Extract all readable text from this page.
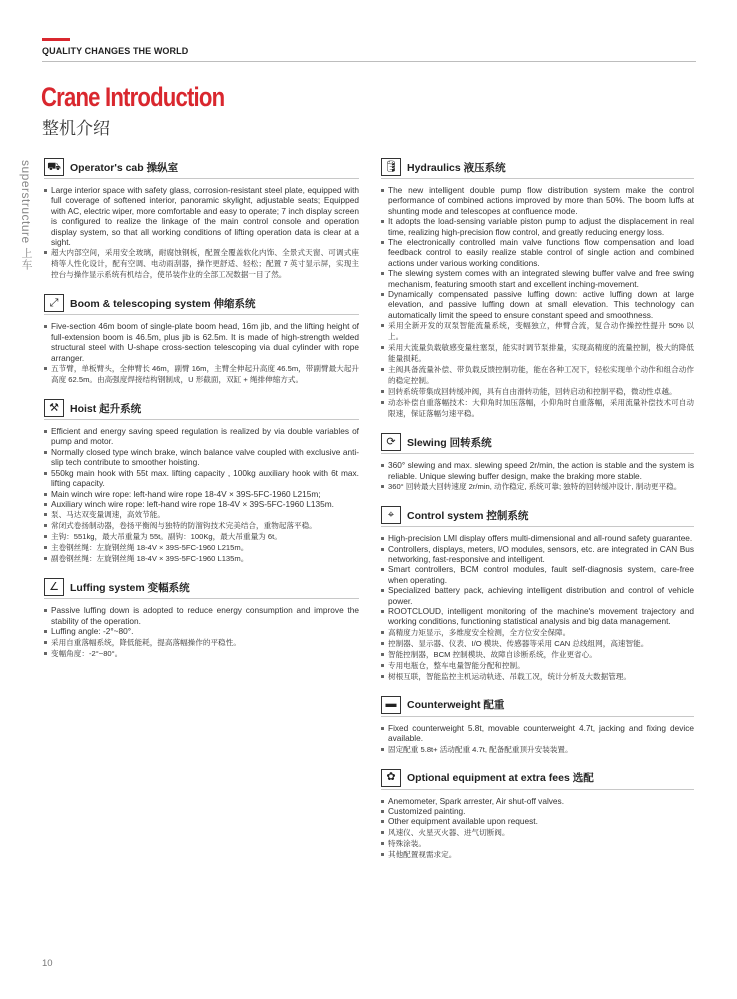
QUALITY CHANGES THE WORLD
Crane Introduction
整机介绍
superstructure 上车
⛟ Operator's cab 操纵室
Large interior space with safety glass, corrosion-resistant steel plate, equipped with full coverage of softened interior, panoramic skylight, adjustable seats; Equipped with AC, electric wiper, more comfortable and easy to operate; 7 inch display screen is configured to realize the linkage of the main control console and operation display system, so that all working conditions of lifting operation data is clear at a sight.
超大内部空间，采用安全玻璃，耐腐蚀钢板，配置全覆盖软化内饰、全景式天窗、可调式座椅等人性化设计，配有空调、电动雨刮器，操作更舒适、轻松；配置 7 英寸显示屏，实现主控台与操作显示系统有机结合，使吊装作业的全部工况数据一目了然。
⤢	Boom & telescoping system 伸缩系统
Five-section 46m boom of single-plate boom head, 16m jib, and the lifting height of full-extension boom is 46.5m, plus jib is 62.5m. It is made of high-strength welded structural steel with U-shape cross-section telescoping via dual cylinder with rope arranger.
五节臂，单板臂头，全伸臂长 46m，副臂 16m，主臂全伸起升高度 46.5m，带副臂最大起升高度 62.5m。由高强度焊接结构钢制成，U 形截面，双缸 + 绳排伸缩方式。
⚒	Hoist 起升系统
Efficient and energy saving speed regulation is realized by via double variables of pump and motor.
Normally closed type winch brake, winch balance valve coupled with exclusive anti-slip tech contribute to smoother hoisting.
550kg main hook with 55t max. lifting capacity , 100kg auxiliary hook with 6t max. lifting capacity.
Main winch wire rope: left-hand wire rope 18-4V × 39S-5FC-1960 L215m;
Auxiliary winch wire rope: left-hand wire rope 18-4V × 39S-5FC-1960 L135m.
泵、马达双变量调速，高效节能。
常闭式卷扬制动器，卷扬平衡阀与独特的防溜钩技术完美结合，重物起落平稳。
主钩：551kg，最大吊重量为 55t。副钩：100Kg，最大吊重量为 6t。
主卷钢丝绳：左旋钢丝绳 18-4V × 39S-5FC-1960 L215m。
副卷钢丝绳：左旋钢丝绳 18-4V × 39S-5FC-1960 L135m。
∠	Luffing system 变幅系统
Passive luffing down is adopted to reduce energy consumption and improve the stability of the operation.
Luffing angle: -2°~80°.
采用自重落幅系统，降低能耗，提高落幅操作的平稳性。
变幅角度：-2°~80°。
🛢 Hydraulics 液压系统
The new intelligent double pump flow distribution system make the control performance of combined actions improved by more than 50%. The boom luffs at shunting mode and telescopes at confluence mode.
It adopts the load-sensing variable piston pump to adjust the displacement in real time, realizing high-precision flow control, and greatly reducing energy loss.
The electronically controlled main valve functions flow compensation and load feedback control to easily realize stable control of single action and combined actions under various working conditions.
The slewing system comes with an integrated slewing buffer valve and free swing mechanism, featuring smooth start and excellent inching-movement.
Dynamically compensated passive luffing down: active luffing down at large elevation, and passive luffing down at small elevation. This technology can automatically limit the speed to ensure constant speed and smoothness.
采用全新开发的双泵智能流量系统，变幅独立，伸臂合流，复合动作操控性提升 50% 以上。
采用大流量负载敏感变量柱塞泵，能实时调节泵排量，实现高精度的流量控制，极大的降低能量损耗。
主阀具备流量补偿、带负载反馈控制功能，能在各种工况下，轻松实现单个动作和组合动作的稳定控制。
回转系统带集成回转缓冲阀，具有自由滑转功能，回转启动和控制平稳，微动性卓越。
动态补偿自重落幅技术：大仰角时加压落幅，小仰角时自重落幅，采用流量补偿技术可自动限速，保证落幅匀速平稳。
⟳	Slewing 回转系统
360° slewing and max. slewing speed 2r/min, the action is stable and the system is reliable. Unique slewing buffer design, make the braking more stable.
360° 回转最大回转速度 2r/min, 动作稳定, 系统可靠; 独特的回转缓冲设计, 制动更平稳。
⌖	Control system 控制系统
High-precision LMI display offers multi-dimensional and all-round safety guarantee.
Controllers, displays, meters, I/O modules, sensors, etc. are integrated in CAN Bus networking, fast-responsive and intelligent.
Smart controllers, BCM control modules, fault self-diagnosis system, care-free when operating.
Specialized battery pack, achieving intelligent distribution and control of vehicle power.
ROOTCLOUD, intelligent monitoring of the machine's movement trajectory and working conditions, functioning statistical analysis and big data management.
高精度力矩显示，多维度安全检测，全方位安全保障。
控制器、显示器、仪表、I/O 模块、传感器等采用 CAN 总线组网，高速智能。
智能控制器，BCM 控制模块、故障自诊断系统，作业更省心。
专用电瓶仓，整车电量智能分配和控制。
树根互联，智能监控主机运动轨迹、吊载工况，统计分析及大数据管理。
▬	Counterweight 配重
Fixed counterweight 5.8t, movable counterweight 4.7t, jacking and fixing device available.
固定配重 5.8t+ 活动配重 4.7t, 配备配重顶升安装装置。
✿	Optional equipment at extra fees 选配
Anemometer, Spark arrester, Air shut-off valves.
Customized painting.
Other equipment available upon request.
风速仪、火星灭火器、进气切断阀。
特殊涂装。
其他配置视需求定。
10
